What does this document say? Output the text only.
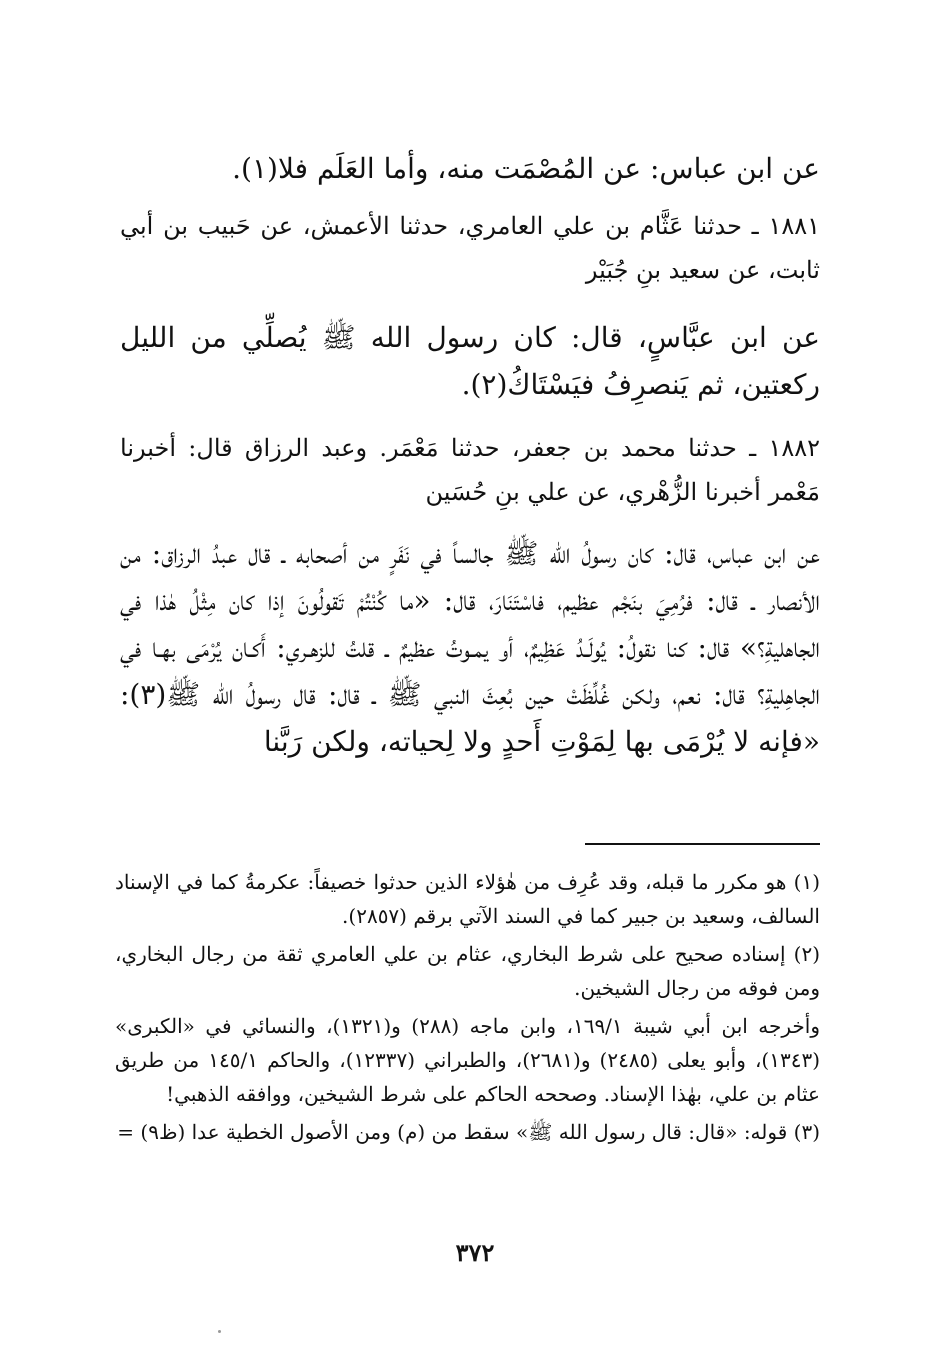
عن ابن عباس: عن المُصْمَت منه، وأما العَلَم فلا(١).

١٨٨١ ـ حدثنا عَثَّام بن علي العامري، حدثنا الأعمش، عن حَبيب بن أبي ثابت، عن سعيد بنِ جُبَيْر

عن ابن عبَّاسٍ، قال: كان رسول الله ﷺ يُصلِّي من الليل ركعتين، ثم يَنصرِفُ فيَسْتَاكُ(٢).

١٨٨٢ ـ حدثنا محمد بن جعفر، حدثنا مَعْمَر. وعبد الرزاق قال: أخبرنا مَعْمر أخبرنا الزُّهْري، عن علي بنِ حُسَين

عن ابن عباس، قال: كان رسولُ الله ﷺ جالساً في نَفَرٍ من أصحابه ـ قال عبدُ الرزاق: من الأنصار ـ قال: فرُمِيَ بنَجْم عظيم، فاسْتَنَارَ، قال: «ما كُنْتُمْ تَقولُونَ إذا كان مِثْلُ هٰذا في الجاهليةِ؟» قال: كنا نقولُ: يُولَـدُ عَظِيمٌ، أو يمـوتُ عظيمٌ ـ قلتُ للزهـري: أَكـان يُرْمَى بهـا في الجاهِليةِ؟ قال: نعم، ولكن غُلِّظَتْ حين بُعِثَ النبي ﷺ ـ قال: قال رسولُ الله ﷺ(٣): «فإنه لا يُرْمَى بها لِمَوْتِ أَحدٍ ولا لِحياته، ولكن رَبَّنا

(١) هو مكرر ما قبله، وقد عُرِف من هٰؤلاء الذين حدثوا خصيفاً: عكرمةُ كما في الإسناد السالف، وسعيد بن جبير كما في السند الآتي برقم (٢٨٥٧).

(٢) إسناده صحيح على شرط البخاري، عثام بن علي العامري ثقة من رجال البخاري، ومن فوقه من رجال الشيخين.

وأخرجه ابن أبي شيبة ١٦٩/١، وابن ماجه (٢٨٨) و(١٣٢١)، والنسائي في «الكبرى» (١٣٤٣)، وأبو يعلى (٢٤٨٥) و(٢٦٨١)، والطبراني (١٢٣٣٧)، والحاكم ١٤٥/١ من طريق عثام بن علي، بهٰذا الإسناد. وصححه الحاكم على شرط الشيخين، ووافقه الذهبي!

(٣) قوله: «قال: قال رسول الله ﷺ» سقط من (م) ومن الأصول الخطية عدا (ظ٩) =

٣٧٢
